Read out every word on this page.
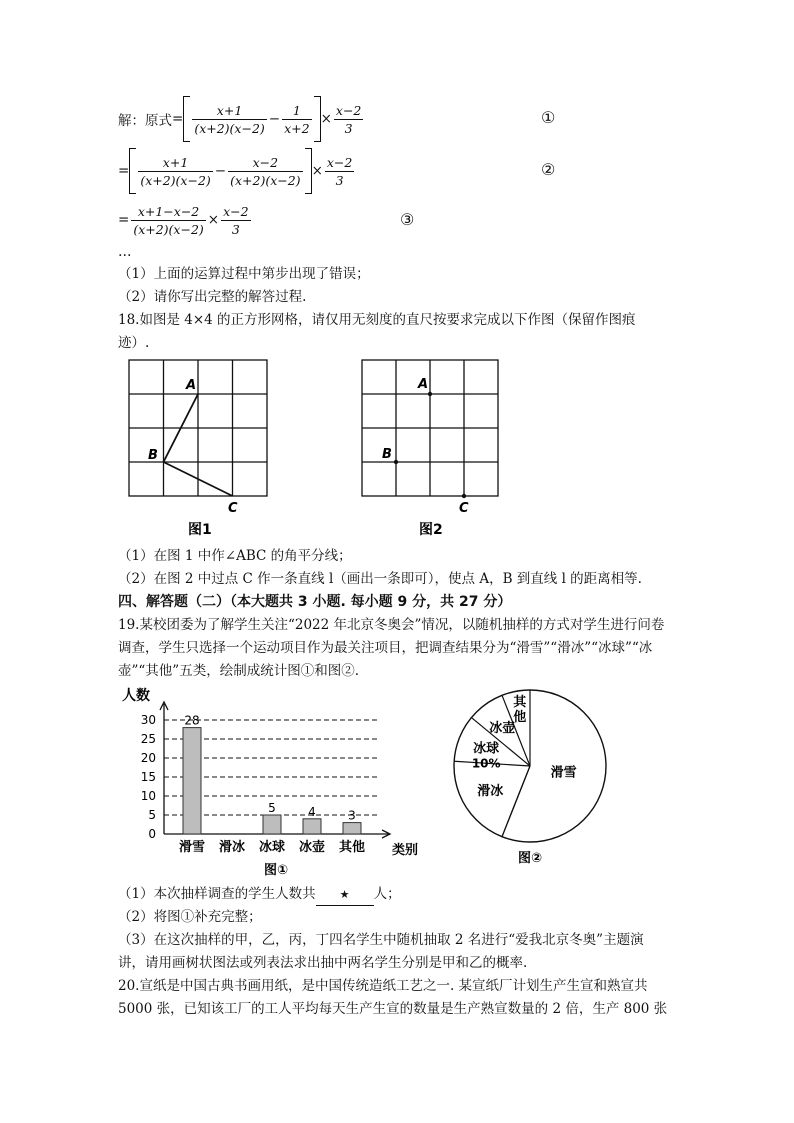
解：原式 = $\frac{x+1}{(x+2)(x-2)} - \frac{1}{x+2} \times \frac{x-2}{3}$	①
= $\frac{x+1}{(x+2)(x-2)} - \frac{x-2}{(x+2)(x-2)} \times \frac{x-2}{3}$	②
= $\frac{x+1-x-2}{(x+2)(x-2)} \times \frac{x-2}{3}$	③
…
（1）上面的运算过程中第步出现了错误；
（2）请你写出完整的解答过程.
18.如图是 4×4 的正方形网格，请仅用无刻度的直尺按要求完成以下作图（保留作图痕
迹）.
A
B
C
图1
A
B
C
图2
（1）在图 1 中作∠ABC 的角平分线；
（2）在图 2 中过点 C 作一条直线 l（画出一条即可），使点 A，B 到直线 l 的距离相等.
四、解答题（二）（本大题共 3 小题. 每小题 9 分，共 27 分）
19.某校团委为了解学生关注“2022 年北京冬奥会”情况，以随机抽样的方式对学生进行问卷
调查，学生只选择一个运动项目作为最关注项目，把调查结果分为“滑雪”“滑冰”“冰球”“冰
壶”“其他”五类，绘制成统计图①和图②.
人数
类别
图①
0
5
10
15
20
25
30 28
滑雪 滑冰
5
冰球
4
冰壶
3
其他
滑雪
滑冰
冰球
10%
冰壶
其他
图②
（1）本次抽样调查的学生人数共 ★ 人；
（2）将图①补充完整；
（3）在这次抽样的甲，乙，丙，丁四名学生中随机抽取 2 名进行“爱我北京冬奥”主题演
讲，请用画树状图法或列表法求出抽中两名学生分别是甲和乙的概率.
20.宣纸是中国古典书画用纸，是中国传统造纸工艺之一. 某宣纸厂计划生产生宣和熟宣共
5000 张，已知该工厂的工人平均每天生产生宣的数量是生产熟宣数量的 2 倍，生产 800 张
